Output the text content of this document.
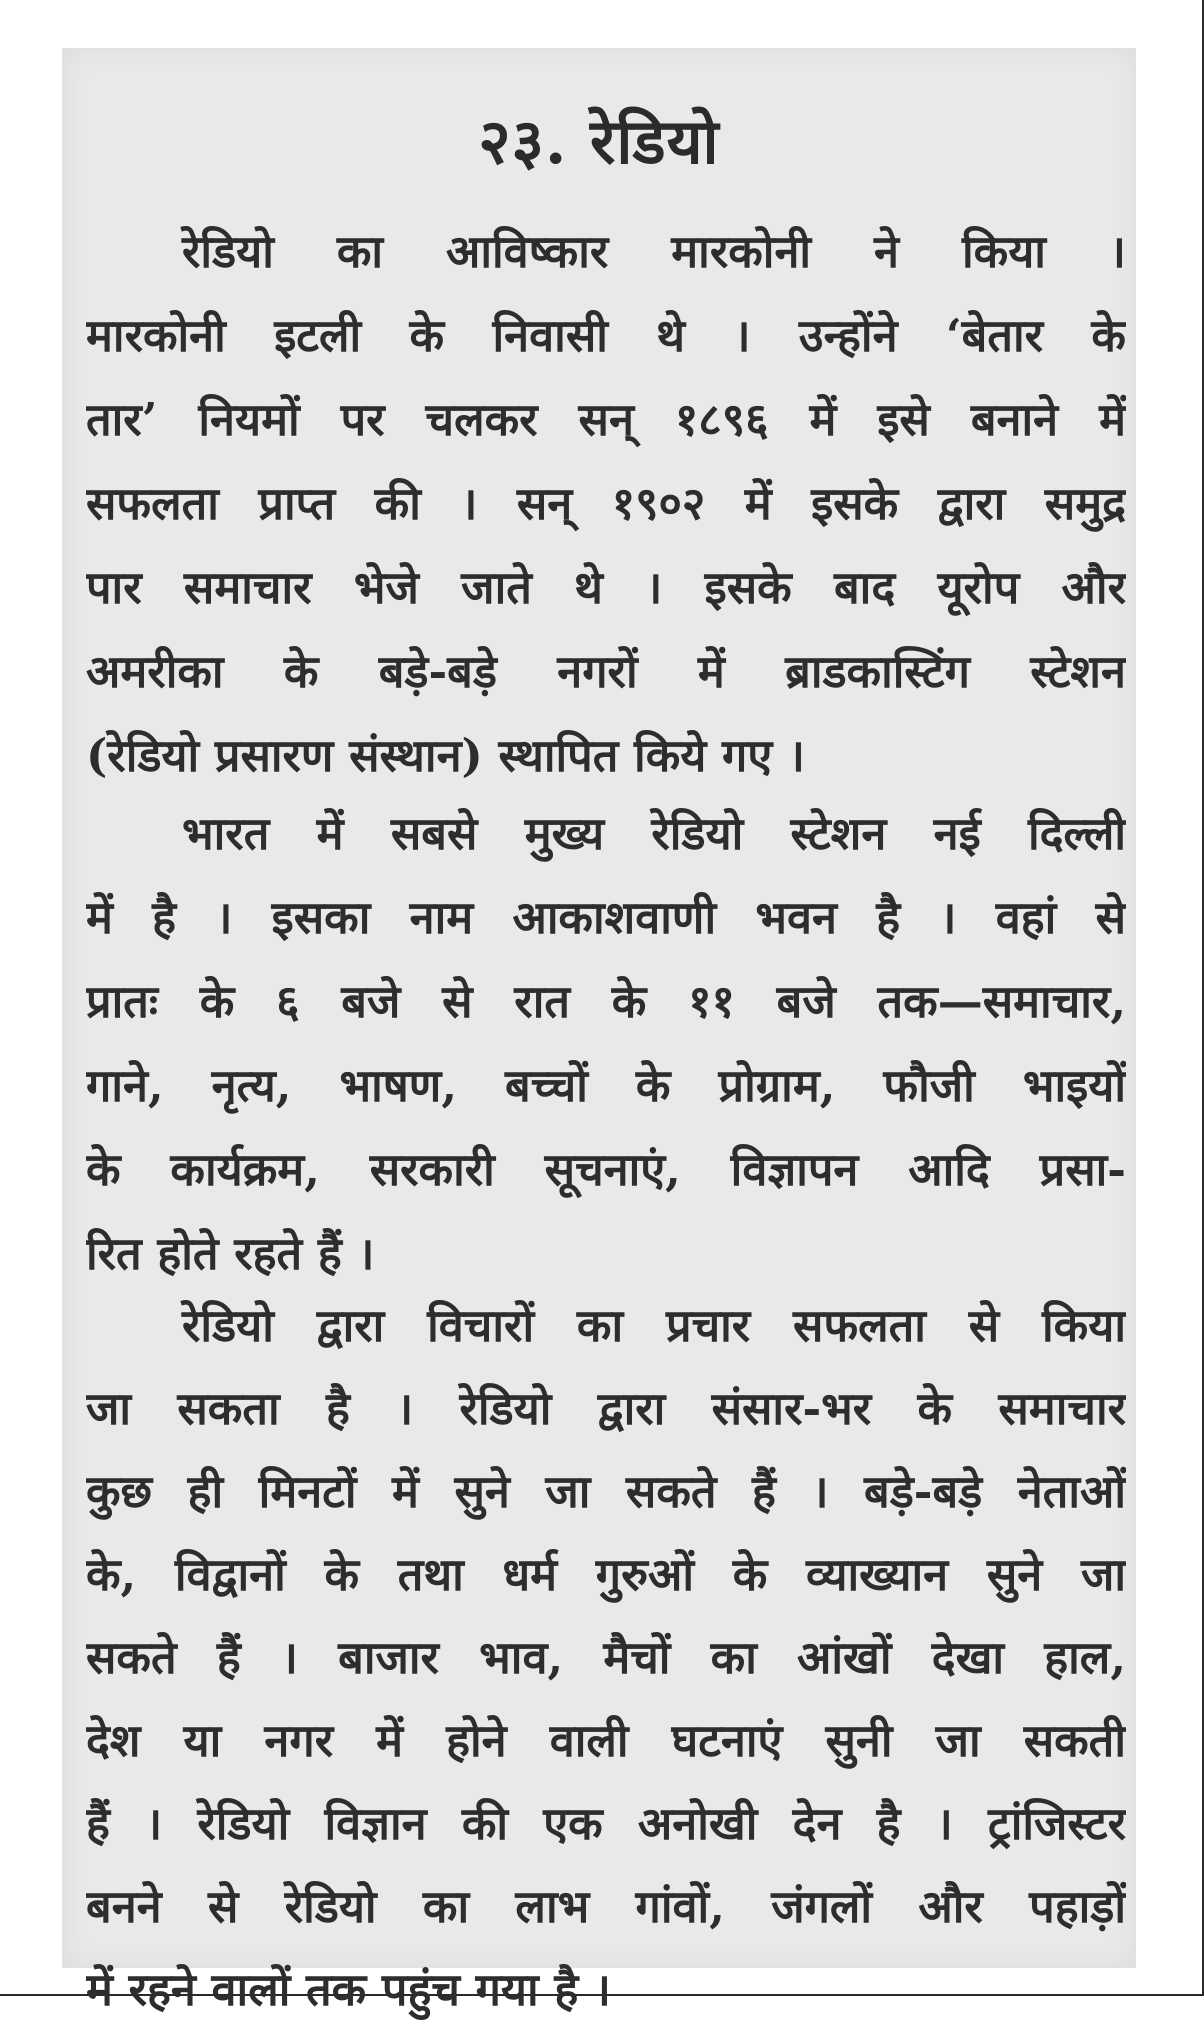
२३. रेडियो
रेडियो का आविष्कार मारकोनी ने किया ।
मारकोनी इटली के निवासी थे । उन्होंने ‘बेतार के
तार’ नियमों पर चलकर सन् १८९६ में इसे बनाने में
सफलता प्राप्त की । सन् १९०२ में इसके द्वारा समुद्र
पार समाचार भेजे जाते थे । इसके बाद यूरोप और
अमरीका के बड़े-बड़े नगरों में ब्राडकास्टिंग स्टेशन
(रेडियो प्रसारण संस्थान) स्थापित किये गए ।
भारत में सबसे मुख्य रेडियो स्टेशन नई दिल्ली
में है । इसका नाम आकाशवाणी भवन है । वहां से
प्रातः के ६ बजे से रात के ११ बजे तक—समाचार,
गाने, नृत्य, भाषण, बच्चों के प्रोग्राम, फौजी भाइयों
के कार्यक्रम, सरकारी सूचनाएं, विज्ञापन आदि प्रसा-
रित होते रहते हैं ।
रेडियो द्वारा विचारों का प्रचार सफलता से किया
जा सकता है । रेडियो द्वारा संसार-भर के समाचार
कुछ ही मिनटों में सुने जा सकते हैं । बड़े-बड़े नेताओं
के, विद्वानों के तथा धर्म गुरुओं के व्याख्यान सुने जा
सकते हैं । बाजार भाव, मैचों का आंखों देखा हाल,
देश या नगर में होने वाली घटनाएं सुनी जा सकती
हैं । रेडियो विज्ञान की एक अनोखी देन है । ट्रांजिस्टर
बनने से रेडियो का लाभ गांवों, जंगलों और पहाड़ों
में रहने वालों तक पहुंच गया है ।
